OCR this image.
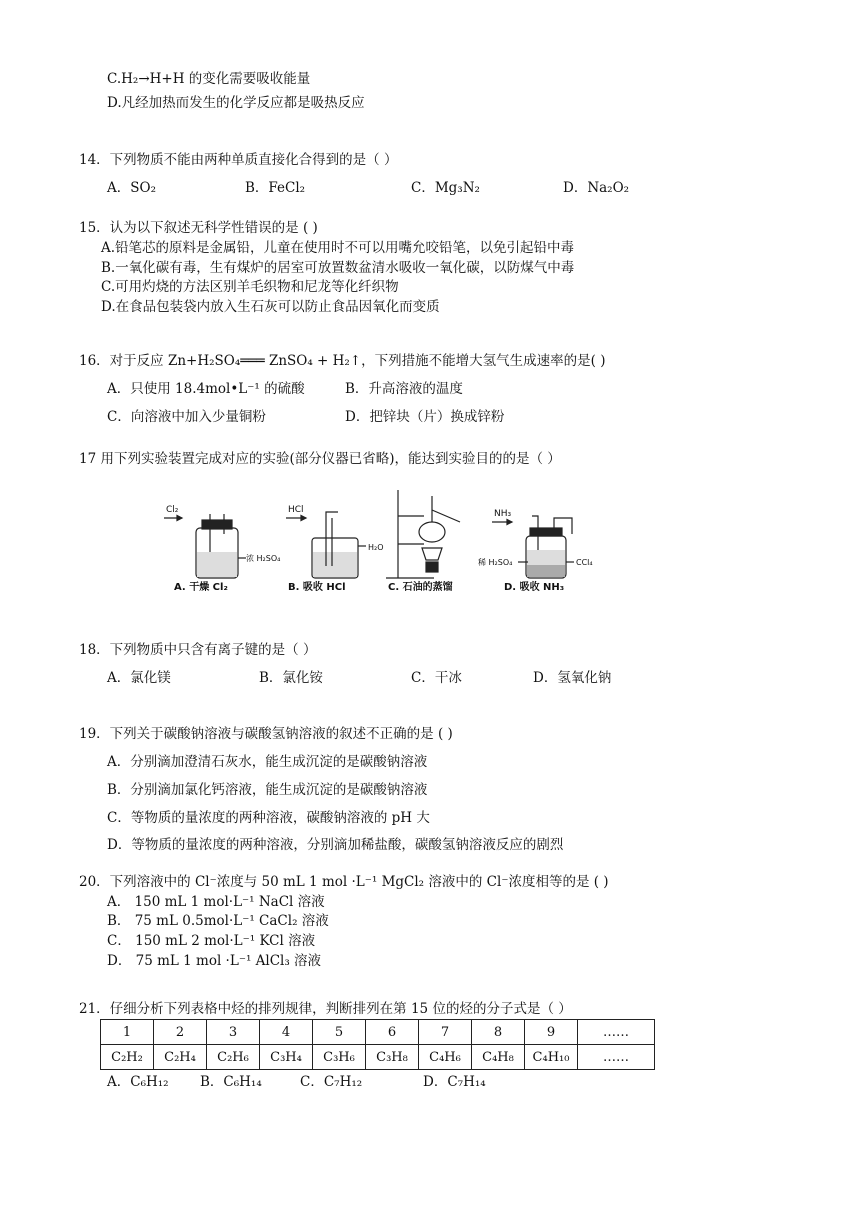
C.H₂→H+H 的变化需要吸收能量
D.凡经加热而发生的化学反应都是吸热反应
14．下列物质不能由两种单质直接化合得到的是（ ）
A．SO₂	B．FeCl₂	C．Mg₃N₂	D．Na₂O₂
15．认为以下叙述无科学性错误的是 ( )
A.铅笔芯的原料是金属铅，儿童在使用时不可以用嘴允咬铅笔，以免引起铅中毒
B.一氧化碳有毒，生有煤炉的居室可放置数盆清水吸收一氧化碳，以防煤气中毒
C.可用灼烧的方法区别羊毛织物和尼龙等化纤织物
D.在食品包装袋内放入生石灰可以防止食品因氧化而变质
16．对于反应 Zn+H₂SO₄═══ ZnSO₄ + H₂↑，下列措施不能增大氢气生成速率的是( )
A．只使用 18.4mol•L⁻¹ 的硫酸	B．升高溶液的温度
C．向溶液中加入少量铜粉	D．把锌块（片）换成锌粉
17 用下列实验装置完成对应的实验(部分仪器已省略)，能达到实验目的的是（ ）
Cl₂
浓 H₂SO₄
A. 干燥 Cl₂
HCl
H₂O
B. 吸收 HCl	C. 石油的蒸馏
NH₃
稀 H₂SO₄	CCl₄
D. 吸收 NH₃
18．下列物质中只含有离子键的是（ ）
A．氯化镁	B．氯化铵	C．干冰	D．氢氧化钠
19．下列关于碳酸钠溶液与碳酸氢钠溶液的叙述不正确的是 ( )
A．分别滴加澄清石灰水，能生成沉淀的是碳酸钠溶液
B．分别滴加氯化钙溶液，能生成沉淀的是碳酸钠溶液
C．等物质的量浓度的两种溶液，碳酸钠溶液的 pH 大
D．等物质的量浓度的两种溶液，分别滴加稀盐酸，碳酸氢钠溶液反应的剧烈
20．下列溶液中的 Cl⁻浓度与 50 mL 1 mol ·L⁻¹ MgCl₂ 溶液中的 Cl⁻浓度相等的是 ( )
A． 150 mL 1 mol·L⁻¹ NaCl 溶液
B． 75 mL 0.5mol·L⁻¹ CaCl₂ 溶液
C． 150 mL 2 mol·L⁻¹ KCl 溶液
D． 75 mL 1 mol ·L⁻¹ AlCl₃ 溶液
21．仔细分析下列表格中烃的排列规律，判断排列在第 15 位的烃的分子式是（ ）
1	2	3	4	5	6	7	8	9	……
C₂H₂	C₂H₄	C₂H₆	C₃H₄	C₃H₆	C₃H₈	C₄H₆	C₄H₈	C₄H₁₀	……
A．C₆H₁₂ B．C₆H₁₄	C．C₇H₁₂	D．C₇H₁₄
